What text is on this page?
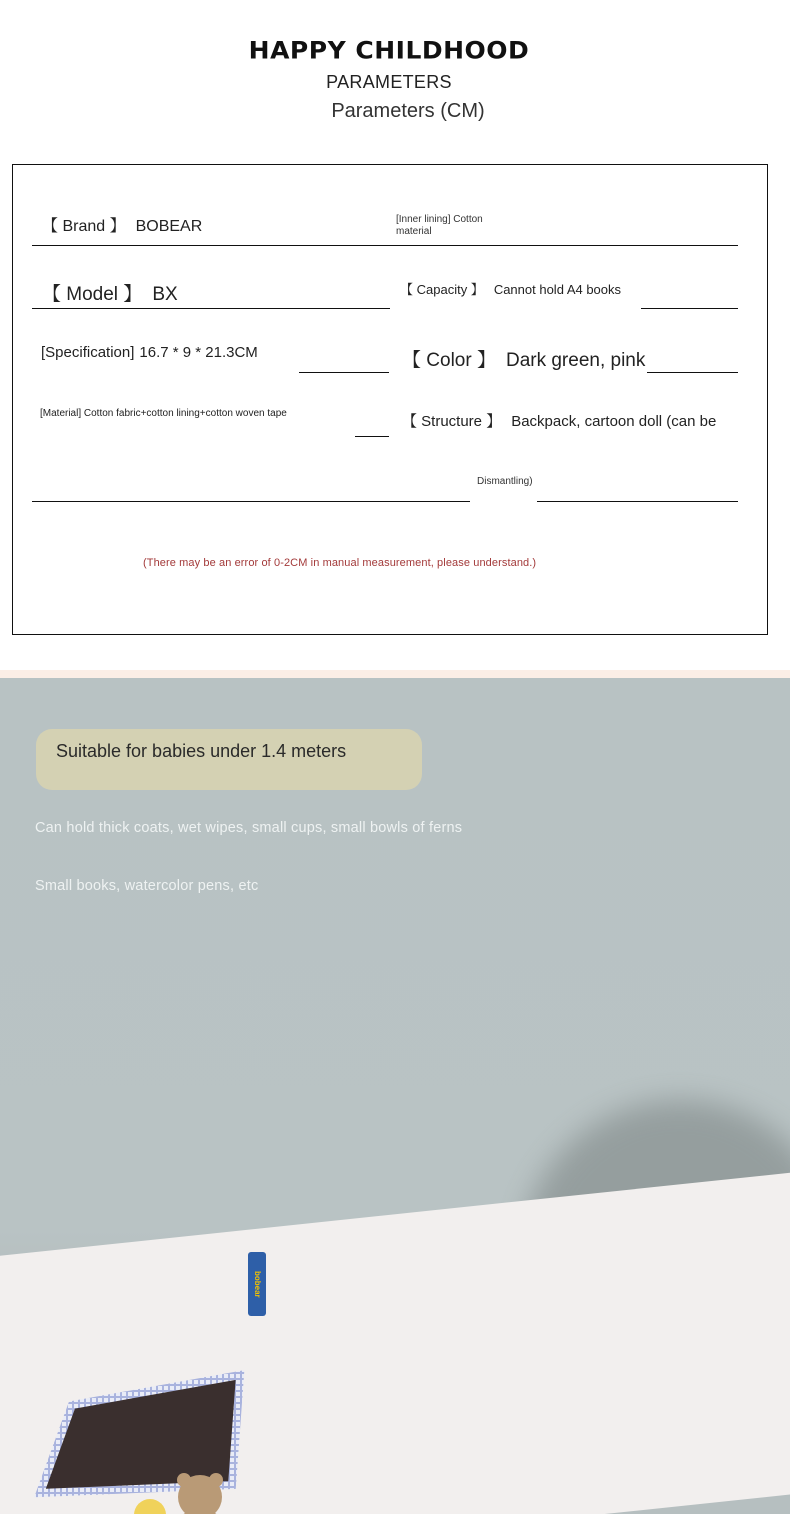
HAPPY CHILDHOOD
PARAMETERS
Parameters (CM)
【 Brand 】 BOBEAR	[Inner lining] Cotton material
【 Model 】 BX	【 Capacity 】 Cannot hold A4 books
[Specification] 16.7 * 9 * 21.3CM	【 Color 】 Dark green, pink
[Material] Cotton fabric+cotton lining+cotton woven tape	【 Structure 】 Backpack, cartoon doll (can be
Dismantling)
(There may be an error of 0-2CM in manual measurement, please understand.)
Suitable for babies under 1.4 meters
Can hold thick coats, wet wipes, small cups, small bowls of ferns
Small books, watercolor pens, etc
bobear
